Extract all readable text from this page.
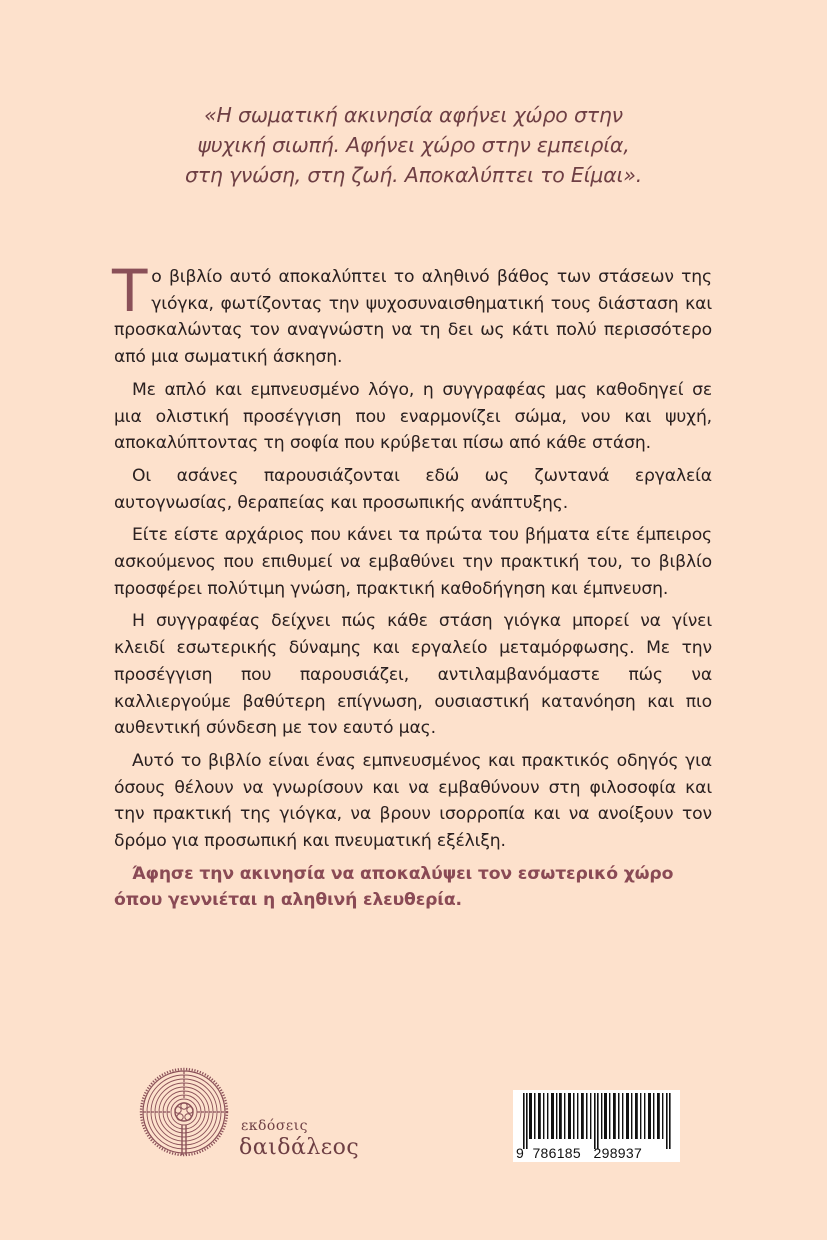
«Η σωματική ακινησία αφήνει χώρο στην
ψυχική σιωπή. Αφήνει χώρο στην εμπειρία,
στη γνώση, στη ζωή. Αποκαλύπτει το Είμαι».

Το βιβλίο αυτό αποκαλύπτει το αληθινό βάθος των στάσεων της γιόγκα, φωτίζοντας την ψυχοσυναισθηματική τους διάσταση και προσκαλώντας τον αναγνώστη να τη δει ως κάτι πολύ περισσότερο από μια σωματική άσκηση.

Με απλό και εμπνευσμένο λόγο, η συγγραφέας μας καθοδηγεί σε μια ολιστική προσέγγιση που εναρμονίζει σώμα, νου και ψυχή, αποκαλύπτοντας τη σοφία που κρύβεται πίσω από κάθε στάση.

Οι ασάνες παρουσιάζονται εδώ ως ζωντανά εργαλεία αυτογνωσίας, θεραπείας και προσωπικής ανάπτυξης.

Είτε είστε αρχάριος που κάνει τα πρώτα του βήματα είτε έμπειρος ασκούμενος που επιθυμεί να εμβαθύνει την πρακτική του, το βιβλίο προσφέρει πολύτιμη γνώση, πρακτική καθοδήγηση και έμπνευση.

Η συγγραφέας δείχνει πώς κάθε στάση γιόγκα μπορεί να γίνει κλειδί εσωτερικής δύναμης και εργαλείο μεταμόρφωσης. Με την προσέγγιση που παρουσιάζει, αντιλαμβανόμαστε πώς να καλλιεργούμε βαθύτερη επίγνωση, ουσιαστική κατανόηση και πιο αυθεντική σύνδεση με τον εαυτό μας.

Αυτό το βιβλίο είναι ένας εμπνευσμένος και πρακτικός οδηγός για όσους θέλουν να γνωρίσουν και να εμβαθύνουν στη φιλοσοφία και την πρακτική της γιόγκα, να βρουν ισορροπία και να ανοίξουν τον δρόμο για προσωπική και πνευματική εξέλιξη.

Άφησε την ακινησία να αποκαλύψει τον εσωτερικό χώρο όπου γεννιέται η αληθινή ελευθερία.

εκδόσεις
δαιδάλεος	9  786185   298937
